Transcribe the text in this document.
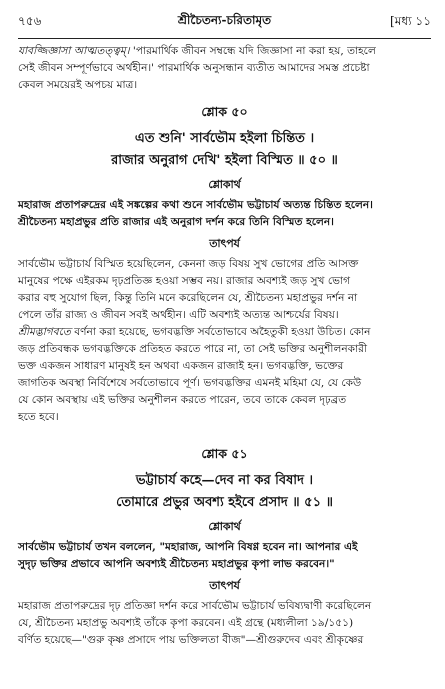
৭৫৬	শ্রীচৈতন্য-চরিতামৃত	[মধ্য ১১

যাবজ্জিজ্ঞাসা আত্মতত্ত্বম্। 'পারমার্থিক জীবন সম্বন্ধে যদি জিজ্ঞাসা না করা হয়, তাহলে

সেই জীবন সম্পূর্ণভাবে অর্থহীন।' পারমার্থিক অনুসন্ধান ব্যতীত আমাদের সমস্ত প্রচেষ্টা

কেবল সময়েরই অপচয় মাত্র।

শ্লোক ৫০

এত শুনি' সার্বভৌম হইলা চিন্তিত ।

রাজার অনুরাগ দেখি' হইলা বিস্মিত ॥ ৫০ ॥

শ্লোকার্থ

মহারাজ প্রতাপরুদ্রের এই সঙ্কল্পের কথা শুনে সার্বভৌম ভট্টাচার্য অত্যন্ত চিন্তিত হলেন।

শ্রীচৈতন্য মহাপ্রভুর প্রতি রাজার এই অনুরাগ দর্শন করে তিনি বিস্মিত হলেন।

তাৎপর্য

সার্বভৌম ভট্টাচার্য বিস্মিত হয়েছিলেন, কেননা জড় বিষয় সুখ ভোগের প্রতি আসক্ত

মানুষের পক্ষে এইরকম দৃঢ়প্রতিজ্ঞ হওয়া সম্ভব নয়। রাজার অবশ্যই জড় সুখ ভোগ

করার বহু সুযোগ ছিল, কিন্তু তিনি মনে করেছিলেন যে, শ্রীচৈতন্য মহাপ্রভুর দর্শন না

পেলে তাঁর রাজ্য ও জীবন সবই অর্থহীন। এটি অবশ্যই অত্যন্ত আশ্চর্যের বিষয়।

শ্রীমদ্ভাগবতে বর্ণনা করা হয়েছে, ভগবদ্ভক্তি সর্বতোভাবে অহৈতুকী হওয়া উচিত। কোন

জড় প্রতিবন্ধক ভগবদ্ভক্তিকে প্রতিহত করতে পারে না, তা সেই ভক্তির অনুশীলনকারী

ভক্ত একজন সাধারণ মানুষই হন অথবা একজন রাজাই হন। ভগবদ্ভক্তি, ভক্তের

জাগতিক অবস্থা নির্বিশেষে সর্বতোভাবে পূর্ণ। ভগবদ্ভক্তির এমনই মহিমা যে, যে কেউ

যে কোন অবস্থায় এই ভক্তির অনুশীলন করতে পারেন, তবে তাকে কেবল দৃঢ়ব্রত

হতে হবে।

শ্লোক ৫১

ভট্টাচার্য কহে—দেব না কর বিষাদ ।

তোমারে প্রভুর অবশ্য হইবে প্রসাদ ॥ ৫১ ॥

শ্লোকার্থ

সার্বভৌম ভট্টাচার্য তখন বললেন, "মহারাজ, আপনি বিষণ্ণ হবেন না। আপনার এই

সুদৃঢ় ভক্তির প্রভাবে আপনি অবশ্যই শ্রীচৈতন্য মহাপ্রভুর কৃপা লাভ করবেন।"

তাৎপর্য

মহারাজ প্রতাপরুদ্রের দৃঢ় প্রতিজ্ঞা দর্শন করে সার্বভৌম ভট্টাচার্য ভবিষ্যদ্বাণী করেছিলেন

যে, শ্রীচৈতন্য মহাপ্রভু অবশ্যই তাঁকে কৃপা করবেন। এই গ্রন্থে (মধ্যলীলা ১৯/১৫১)

বর্ণিত হয়েছে—"গুরু কৃষ্ণ প্রসাদে পায় ভক্তিলতা বীজ"—শ্রীগুরুদেব এবং শ্রীকৃষ্ণের
